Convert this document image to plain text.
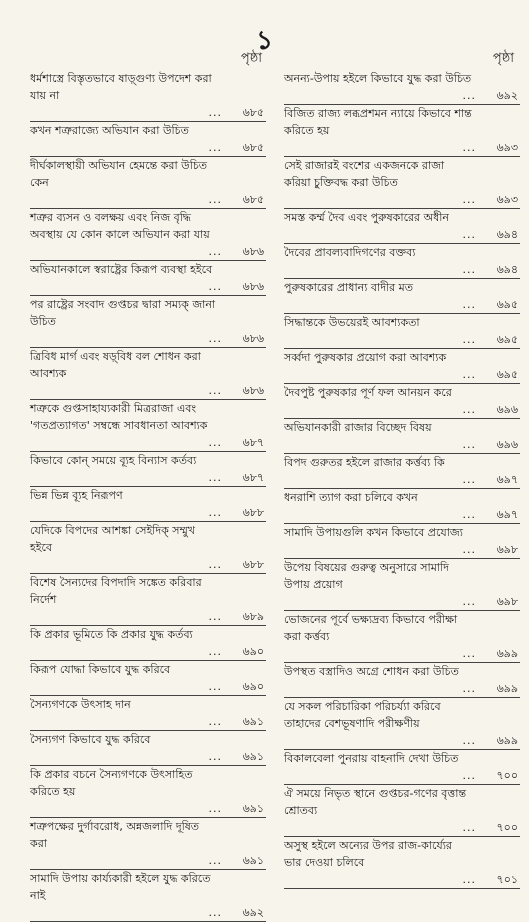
১
পৃষ্ঠা
ধর্মশাস্ত্রে বিস্তৃতভাবে ষাড়্‌গুণ্য উপদেশ করা যায় না
...	৬৮৫
কখন শত্রুরাজ্যে অভিযান করা উচিত
...	৬৮৫
দীর্ঘকালস্থায়ী অভিযান হেমন্তে করা উচিত কেন
...	৬৮৫
শত্রুর ব্যসন ও বলক্ষয় এবং নিজ বৃদ্ধি অবস্থায় যে কোন কালে অভিযান করা যায়
...	৬৮৬
অভিযানকালে স্বরাষ্ট্রের কিরূপ ব্যবস্থা হইবে
...	৬৮৬
পর রাষ্ট্রের সংবাদ গুপ্তচর দ্বারা সম্যক্ জানা উচিত
...	৬৮৬
ত্রিবিধ মার্গ এবং ষড়্‌বিধ বল শোধন করা আবশ্যক
...	৬৮৬
শত্রুকে গুপ্তসাহায্যকারী মিত্ররাজা এবং 'গতপ্রত্যাগত' সম্বন্ধে সাবধানতা আবশ্যক
...	৬৮৭
কিভাবে কোন্ সময়ে ব্যূহ বিন্যাস কর্তব্য
...	৬৮৭
ভিন্ন ভিন্ন ব্যূহ নিরূপণ
...	৬৮৮
যেদিকে বিপদের আশঙ্কা সেইদিক্ সম্মুখ হইবে
...	৬৮৮
বিশেষ সৈন্যদের বিপদাদি সঙ্কেত করিবার নির্দেশ
...	৬৮৯
কি প্রকার ভূমিতে কি প্রকার যুদ্ধ কর্তব্য
...	৬৯০
কিরূপ যোদ্ধা কিভাবে যুদ্ধ করিবে
...	৬৯০
সৈন্যগণকে উৎসাহ দান
...	৬৯১
সৈন্যগণ কিভাবে যুদ্ধ করিবে
...	৬৯১
কি প্রকার বচনে সৈন্যগণকে উৎসাহিত করিতে হয়
...	৬৯১
শত্রুপক্ষের দুর্গাবরোধ, অন্নজলাদি দূষিত করা
...	৬৯১
সামাদি উপায় কার্য্যকারী হইলে যুদ্ধ করিতে নাই
...	৬৯২
পৃষ্ঠা
অনন্য-উপায় হইলে কিভাবে যুদ্ধ করা উচিত
...	৬৯২
বিজিত রাজ্য লব্ধপ্রশমন ন্যায়ে কিভাবে শান্ত করিতে হয়
...	৬৯৩
সেই রাজারই বংশের একজনকে রাজা করিয়া চুক্তিবদ্ধ করা উচিত
...	৬৯৩
সমস্ত কর্ম্ম দৈব এবং পুরুষকারের অধীন
...	৬৯৪
দৈবের প্রাবল্যবাদিগণের বক্তব্য
...	৬৯৪
পুরুষকারের প্রাধান্য বাদীর মত
...	৬৯৫
সিদ্ধান্তকে উভয়েরই আবশ্যকতা
...	৬৯৫
সর্ব্বদা পুরুষকার প্রয়োগ করা আবশ্যক
...	৬৯৫
দৈবপুষ্ট পুরুষকার পূর্ণ ফল আনয়ন করে
...	৬৯৬
অভিযানকারী রাজার বিচ্ছেদ বিষয়
...	৬৯৬
বিপদ গুরুতর হইলে রাজার কর্ত্তব্য কি
...	৬৯৭
ধনরাশি ত্যাগ করা চলিবে কখন
...	৬৯৭
সামাদি উপায়গুলি কখন কিভাবে প্রযোজ্য
...	৬৯৮
উপেয় বিষয়ের গুরুত্ব অনুসারে সামাদি উপায় প্রয়োগ
...	৬৯৮
ভোজনের পূর্বে ভক্ষ্যদ্রব্য কিভাবে পরীক্ষা করা কর্ত্তব্য
...	৬৯৯
উপস্থত বস্ত্রাদিও অগ্রে শোধন করা উচিত
...	৬৯৯
যে সকল পরিচারিকা পরিচর্য্যা করিবে তাহাদের বেশভূষণাদি পরীক্ষণীয়
...	৬৯৯
বিকালবেলা পুনরায় বাহনাদি দেখা উচিত
...	৭০০
ঐ সময়ে নিভৃত স্থানে গুপ্তচর-গণের বৃত্তান্ত শ্রোতব্য
...	৭০০
অসুস্থ হইলে অন্যের উপর রাজ-কার্য্যের ভার দেওয়া চলিবে
...	৭০১
